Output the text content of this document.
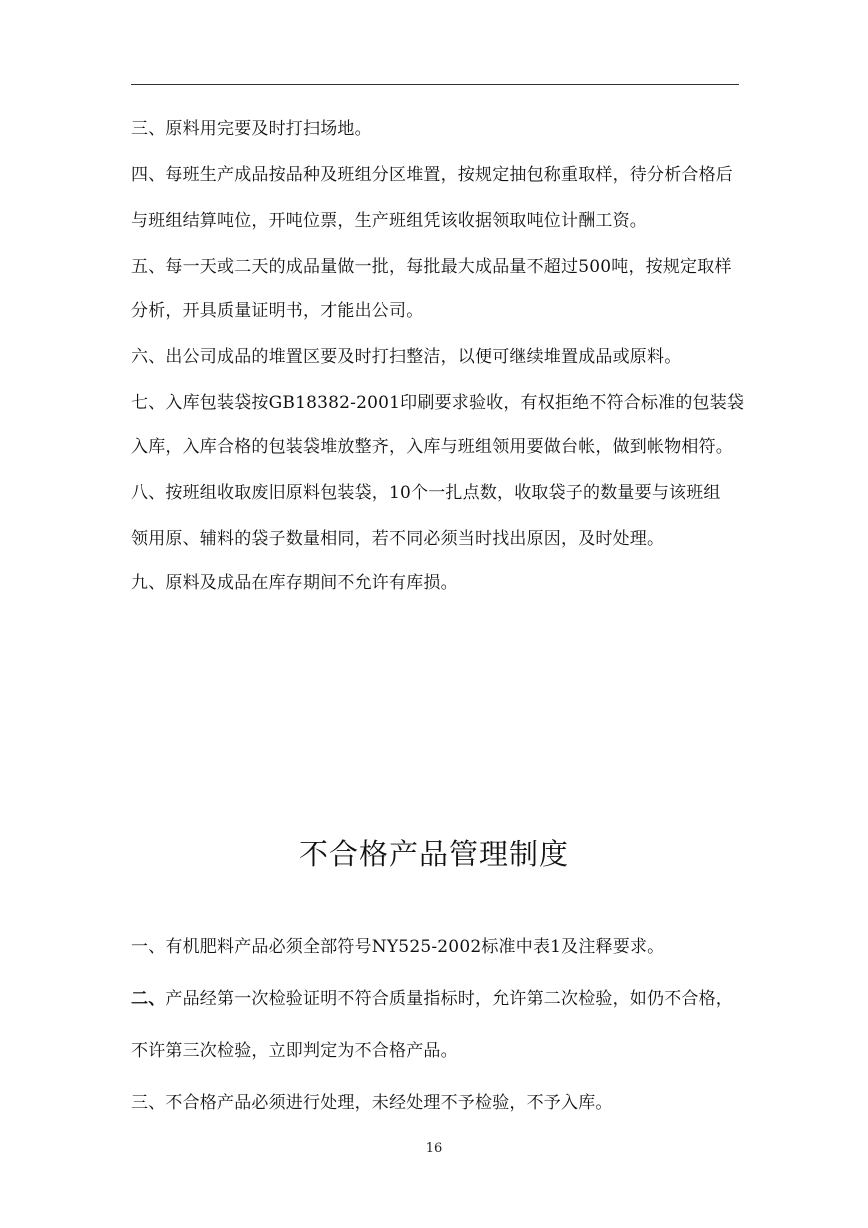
三、原料用完要及时打扫场地。
四、每班生产成品按品种及班组分区堆置，按规定抽包称重取样，待分析合格后
与班组结算吨位，开吨位票，生产班组凭该收据领取吨位计酬工资。
五、每一天或二天的成品量做一批，每批最大成品量不超过500吨，按规定取样
分析，开具质量证明书，才能出公司。
六、出公司成品的堆置区要及时打扫整洁，以便可继续堆置成品或原料。
七、入库包装袋按GB18382-2001印刷要求验收，有权拒绝不符合标准的包装袋
入库，入库合格的包装袋堆放整齐，入库与班组领用要做台帐，做到帐物相符。
八、按班组收取废旧原料包装袋，10个一扎点数，收取袋子的数量要与该班组
领用原、辅料的袋子数量相同，若不同必须当时找出原因，及时处理。
九、原料及成品在库存期间不允许有库损。
不合格产品管理制度
一、有机肥料产品必须全部符号NY525-2002标准中表1及注释要求。
二、产品经第一次检验证明不符合质量指标时，允许第二次检验，如仍不合格，
不许第三次检验，立即判定为不合格产品。
三、不合格产品必须进行处理，未经处理不予检验，不予入库。
16
